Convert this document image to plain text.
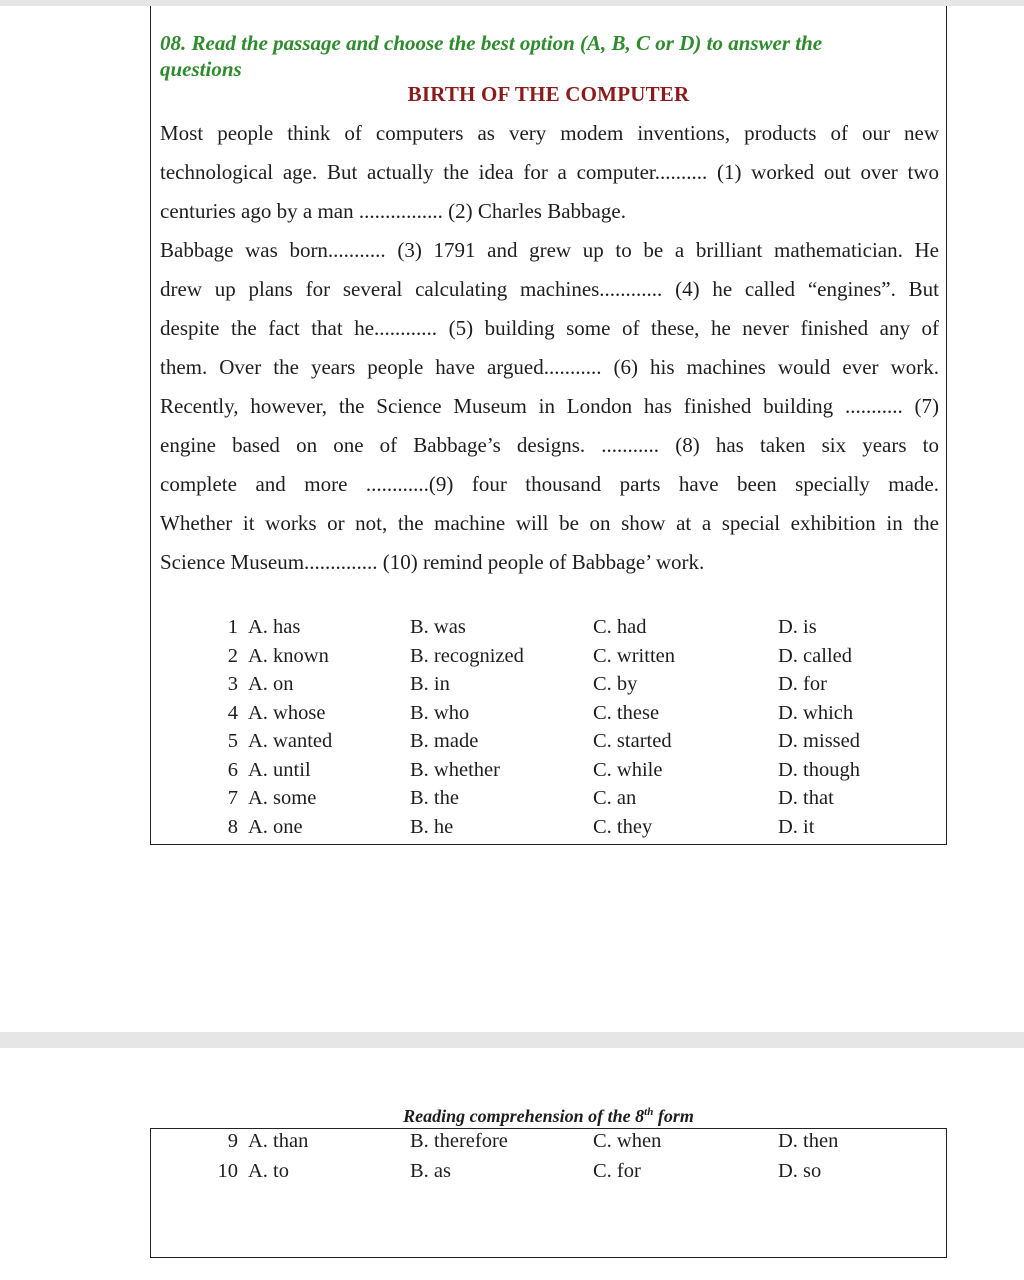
08. Read the passage and choose the best option (A, B, C or D) to answer the
questions
BIRTH OF THE COMPUTER
Most people think of computers as very modem inventions, products of our new
technological age. But actually the idea for a computer.......... (1) worked out over two
centuries ago by a man ................ (2) Charles Babbage.
Babbage was born........... (3) 1791 and grew up to be a brilliant mathematician. He
drew up plans for several calculating machines............ (4) he called “engines”. But
despite the fact that he............ (5) building some of these, he never finished any of
them. Over the years people have argued........... (6) his machines would ever work.
Recently, however, the Science Museum in London has finished building ........... (7)
engine based on one of Babbage’s designs. ........... (8) has taken six years to
complete and more ............(9) four thousand parts have been specially made.
Whether it works or not, the machine will be on show at a special exhibition in the
Science Museum.............. (10) remind people of Babbage’ work.
1 A. has	B. was	C. had	D. is
2 A. known	B. recognized	C. written	D. called
3 A. on	B. in	C. by	D. for
4 A. whose	B. who	C. these	D. which
5 A. wanted	B. made	C. started	D. missed
6 A. until	B. whether	C. while	D. though
7 A. some	B. the	C. an	D. that
8 A. one	B. he	C. they	D. it
Reading comprehension of the 8th form
9 A. than	B. therefore	C. when	D. then
10 A. to	B. as	C. for	D. so
